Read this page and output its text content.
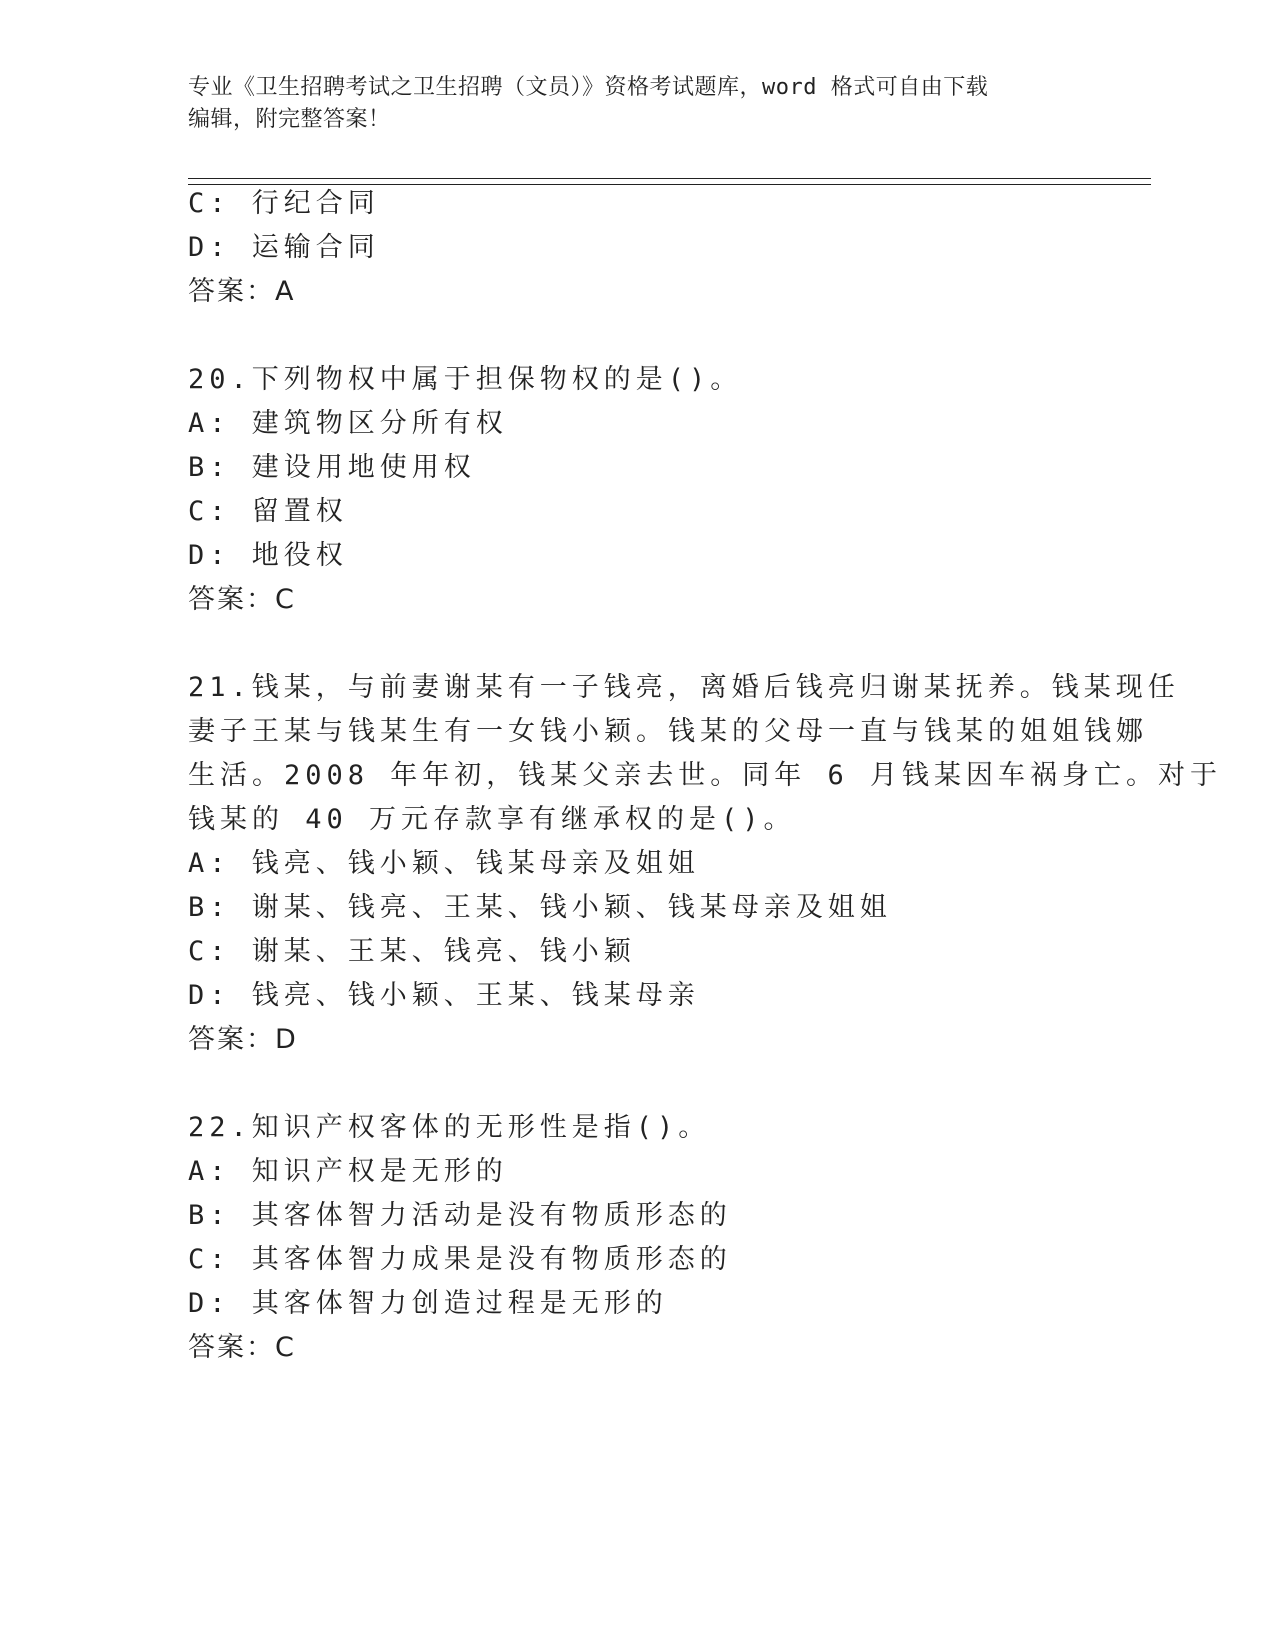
专业《卫生招聘考试之卫生招聘（文员）》资格考试题库，word 格式可自由下载
编辑，附完整答案！
C: 行纪合同
D: 运输合同
答案：A
20.下列物权中属于担保物权的是()。
A: 建筑物区分所有权
B: 建设用地使用权
C: 留置权
D: 地役权
答案：C
21.钱某，与前妻谢某有一子钱亮，离婚后钱亮归谢某抚养。钱某现任
妻子王某与钱某生有一女钱小颖。钱某的父母一直与钱某的姐姐钱娜
生活。2008 年年初，钱某父亲去世。同年 6 月钱某因车祸身亡。对于
钱某的 40 万元存款享有继承权的是()。
A: 钱亮、钱小颖、钱某母亲及姐姐
B: 谢某、钱亮、王某、钱小颖、钱某母亲及姐姐
C: 谢某、王某、钱亮、钱小颖
D: 钱亮、钱小颖、王某、钱某母亲
答案：D
22.知识产权客体的无形性是指()。
A: 知识产权是无形的
B: 其客体智力活动是没有物质形态的
C: 其客体智力成果是没有物质形态的
D: 其客体智力创造过程是无形的
答案：C
